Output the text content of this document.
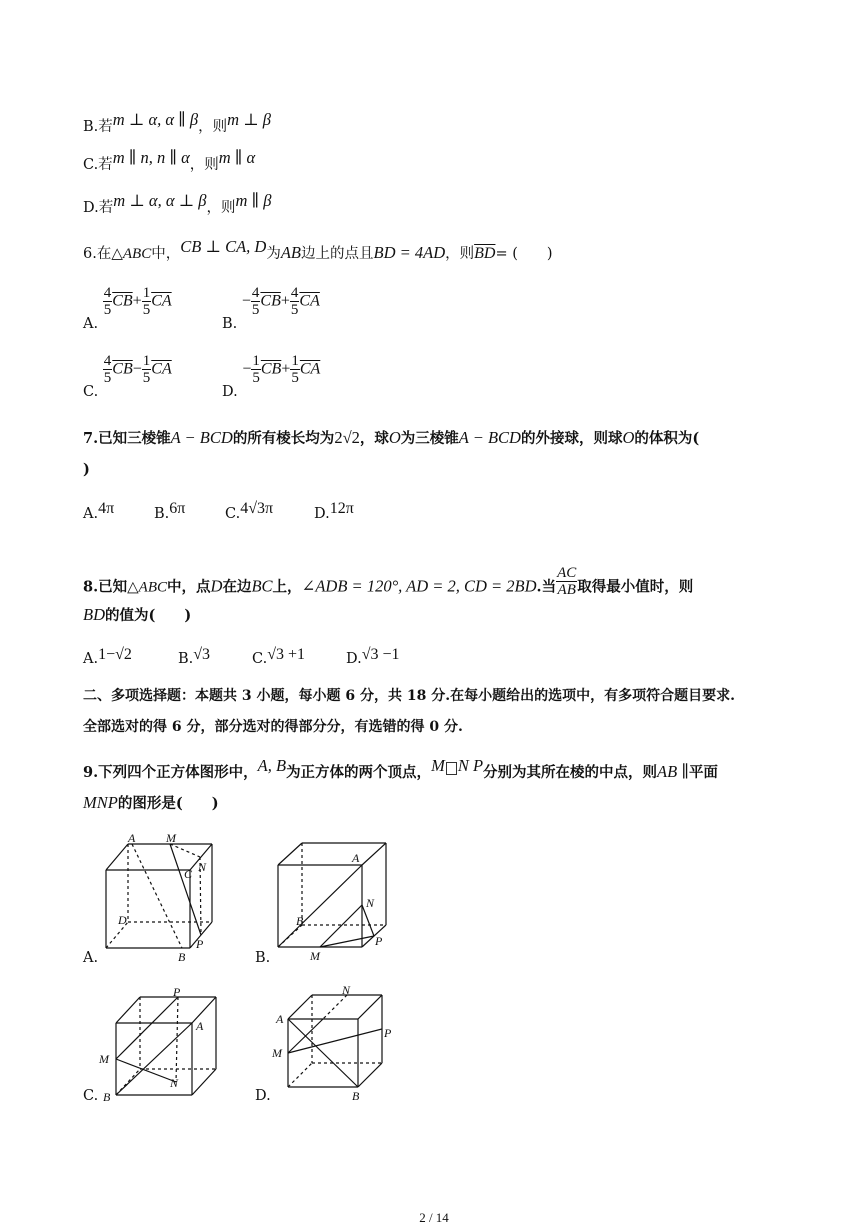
B.若m ⊥ α, α ∥ β，则m ⊥ β
C.若m ∥ n, n ∥ α，则m ∥ α
D.若m ⊥ α, α ⊥ β，则m ∥ β
6.在△ABC中，CB ⊥ CA, D为AB边上的点且BD = 4AD，则$\overline{BD}=$ (　　)
A.
$\frac{4}{5} \overline{CB}+ \frac{1}{5} \overline{CA}$
B. − $\frac{4}{5} \overline{CB}+ \frac{4}{5} \overline{CA}$
C.
$\frac{4}{5} \overline{CB}- \frac{1}{5} \overline{CA}$
D. − $\frac{1}{5} \overline{CB}+ \frac{1}{5} \overline{CA}$
7.已知三棱锥A − BCD的所有棱长均为2√2，球O为三棱锥A − BCD的外接球，则球O的体积为(
)
A.4π	B.6π	C.4√3π	D.12π
8.已知△ABC中，点D在边BC上，∠ADB = 120°, AD = 2, CD = 2BD.当 $\frac{AC}{AB}$ 取得最小值时，则
BD的值为(　　)
A.1−√2	B.√3	C.√3 +1	D.√3 −1
二、多项选择题：本题共 3 小题，每小题 6 分，共 18 分.在每小题给出的选项中，有多项符合题目要求.
全部选对的得 6 分，部分选对的得部分分，有选错的得 0 分.
9.下列四个正方体图形中，A, B为正方体的两个顶点，M N P分别为其所在棱的中点，则AB ∥平面
MNP的图形是(　　)
A	M
N
C
D
P
B
A.
A
N
B
P
M
B.
P
A
M
N
B
C.
N
A
P
M
B
D.
2 / 14
